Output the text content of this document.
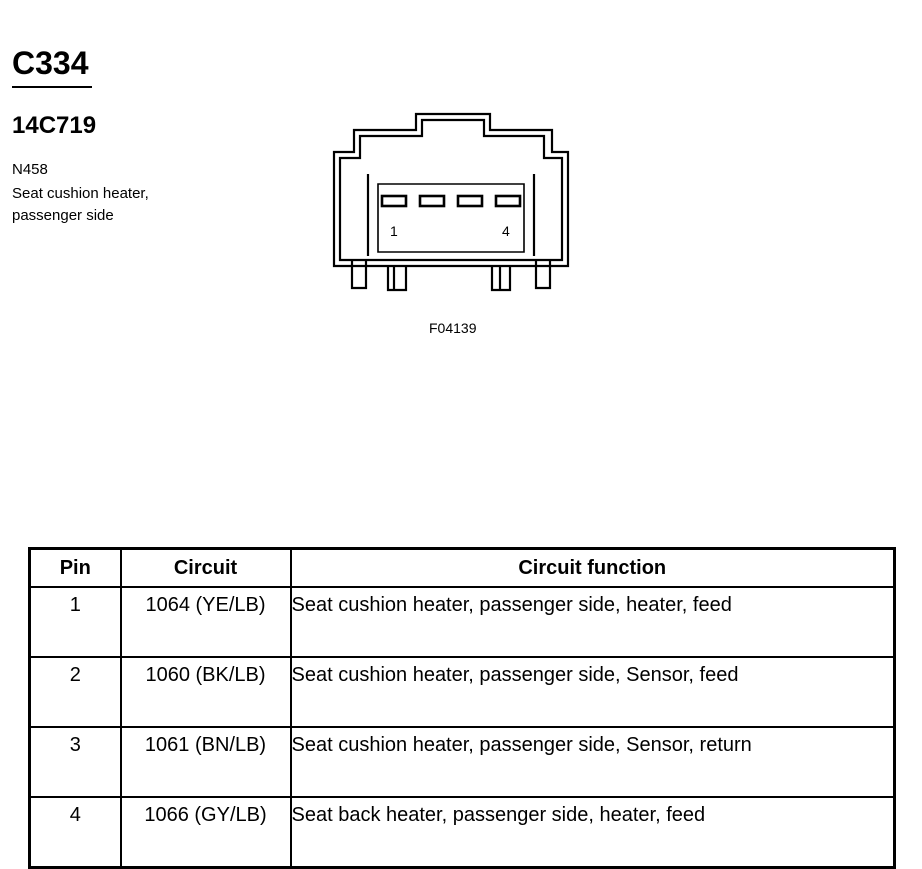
C334
14C719
N458
Seat cushion heater, passenger side
1	4
F04139
Pin	Circuit	Circuit function
1	1064 (YE/LB)	Seat cushion heater, passenger side, heater, feed
2	1060 (BK/LB)	Seat cushion heater, passenger side, Sensor, feed
3	1061 (BN/LB)	Seat cushion heater, passenger side, Sensor, return
4	1066 (GY/LB)	Seat back heater, passenger side, heater, feed
